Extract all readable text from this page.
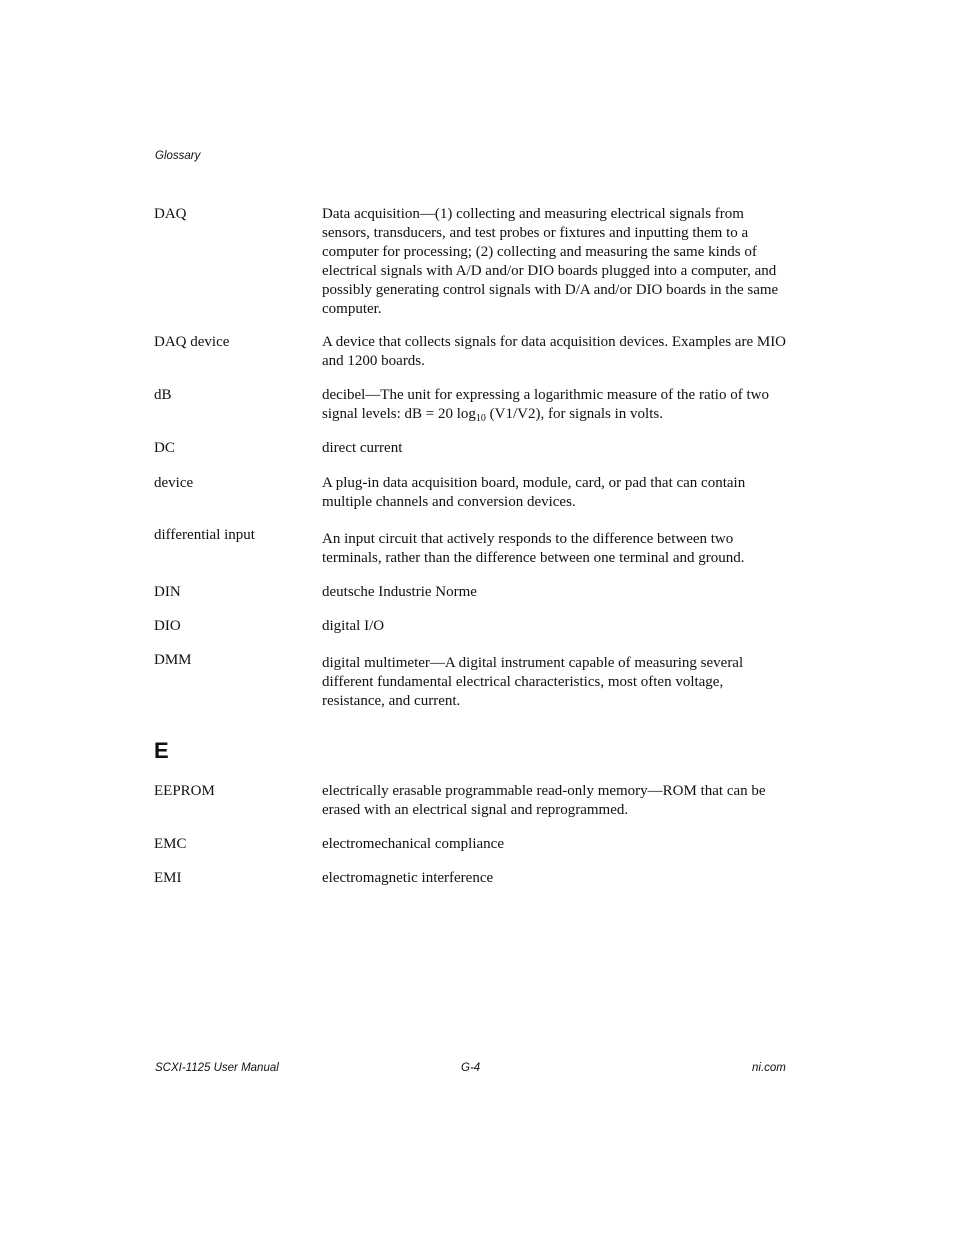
Glossary
DAQ	Data acquisition—(1) collecting and measuring electrical signals from sensors, transducers, and test probes or fixtures and inputting them to a computer for processing; (2) collecting and measuring the same kinds of electrical signals with A/D and/or DIO boards plugged into a computer, and possibly generating control signals with D/A and/or DIO boards in the same computer.
DAQ device	A device that collects signals for data acquisition devices. Examples are MIO and 1200 boards.
dB	decibel—The unit for expressing a logarithmic measure of the ratio of two signal levels: dB = 20 $\log_{10} (V1/V2)$, for signals in volts.
DC	direct current
device	A plug-in data acquisition board, module, card, or pad that can contain multiple channels and conversion devices.
differential input	An input circuit that actively responds to the difference between two terminals, rather than the difference between one terminal and ground.
DIN	deutsche Industrie Norme
DIO	digital I/O
DMM	digital multimeter—A digital instrument capable of measuring several different fundamental electrical characteristics, most often voltage, resistance, and current.
E
EEPROM	electrically erasable programmable read-only memory—ROM that can be erased with an electrical signal and reprogrammed.
EMC	electromechanical compliance
EMI	electromagnetic interference
SCXI-1125 User Manual	G-4	ni.com
